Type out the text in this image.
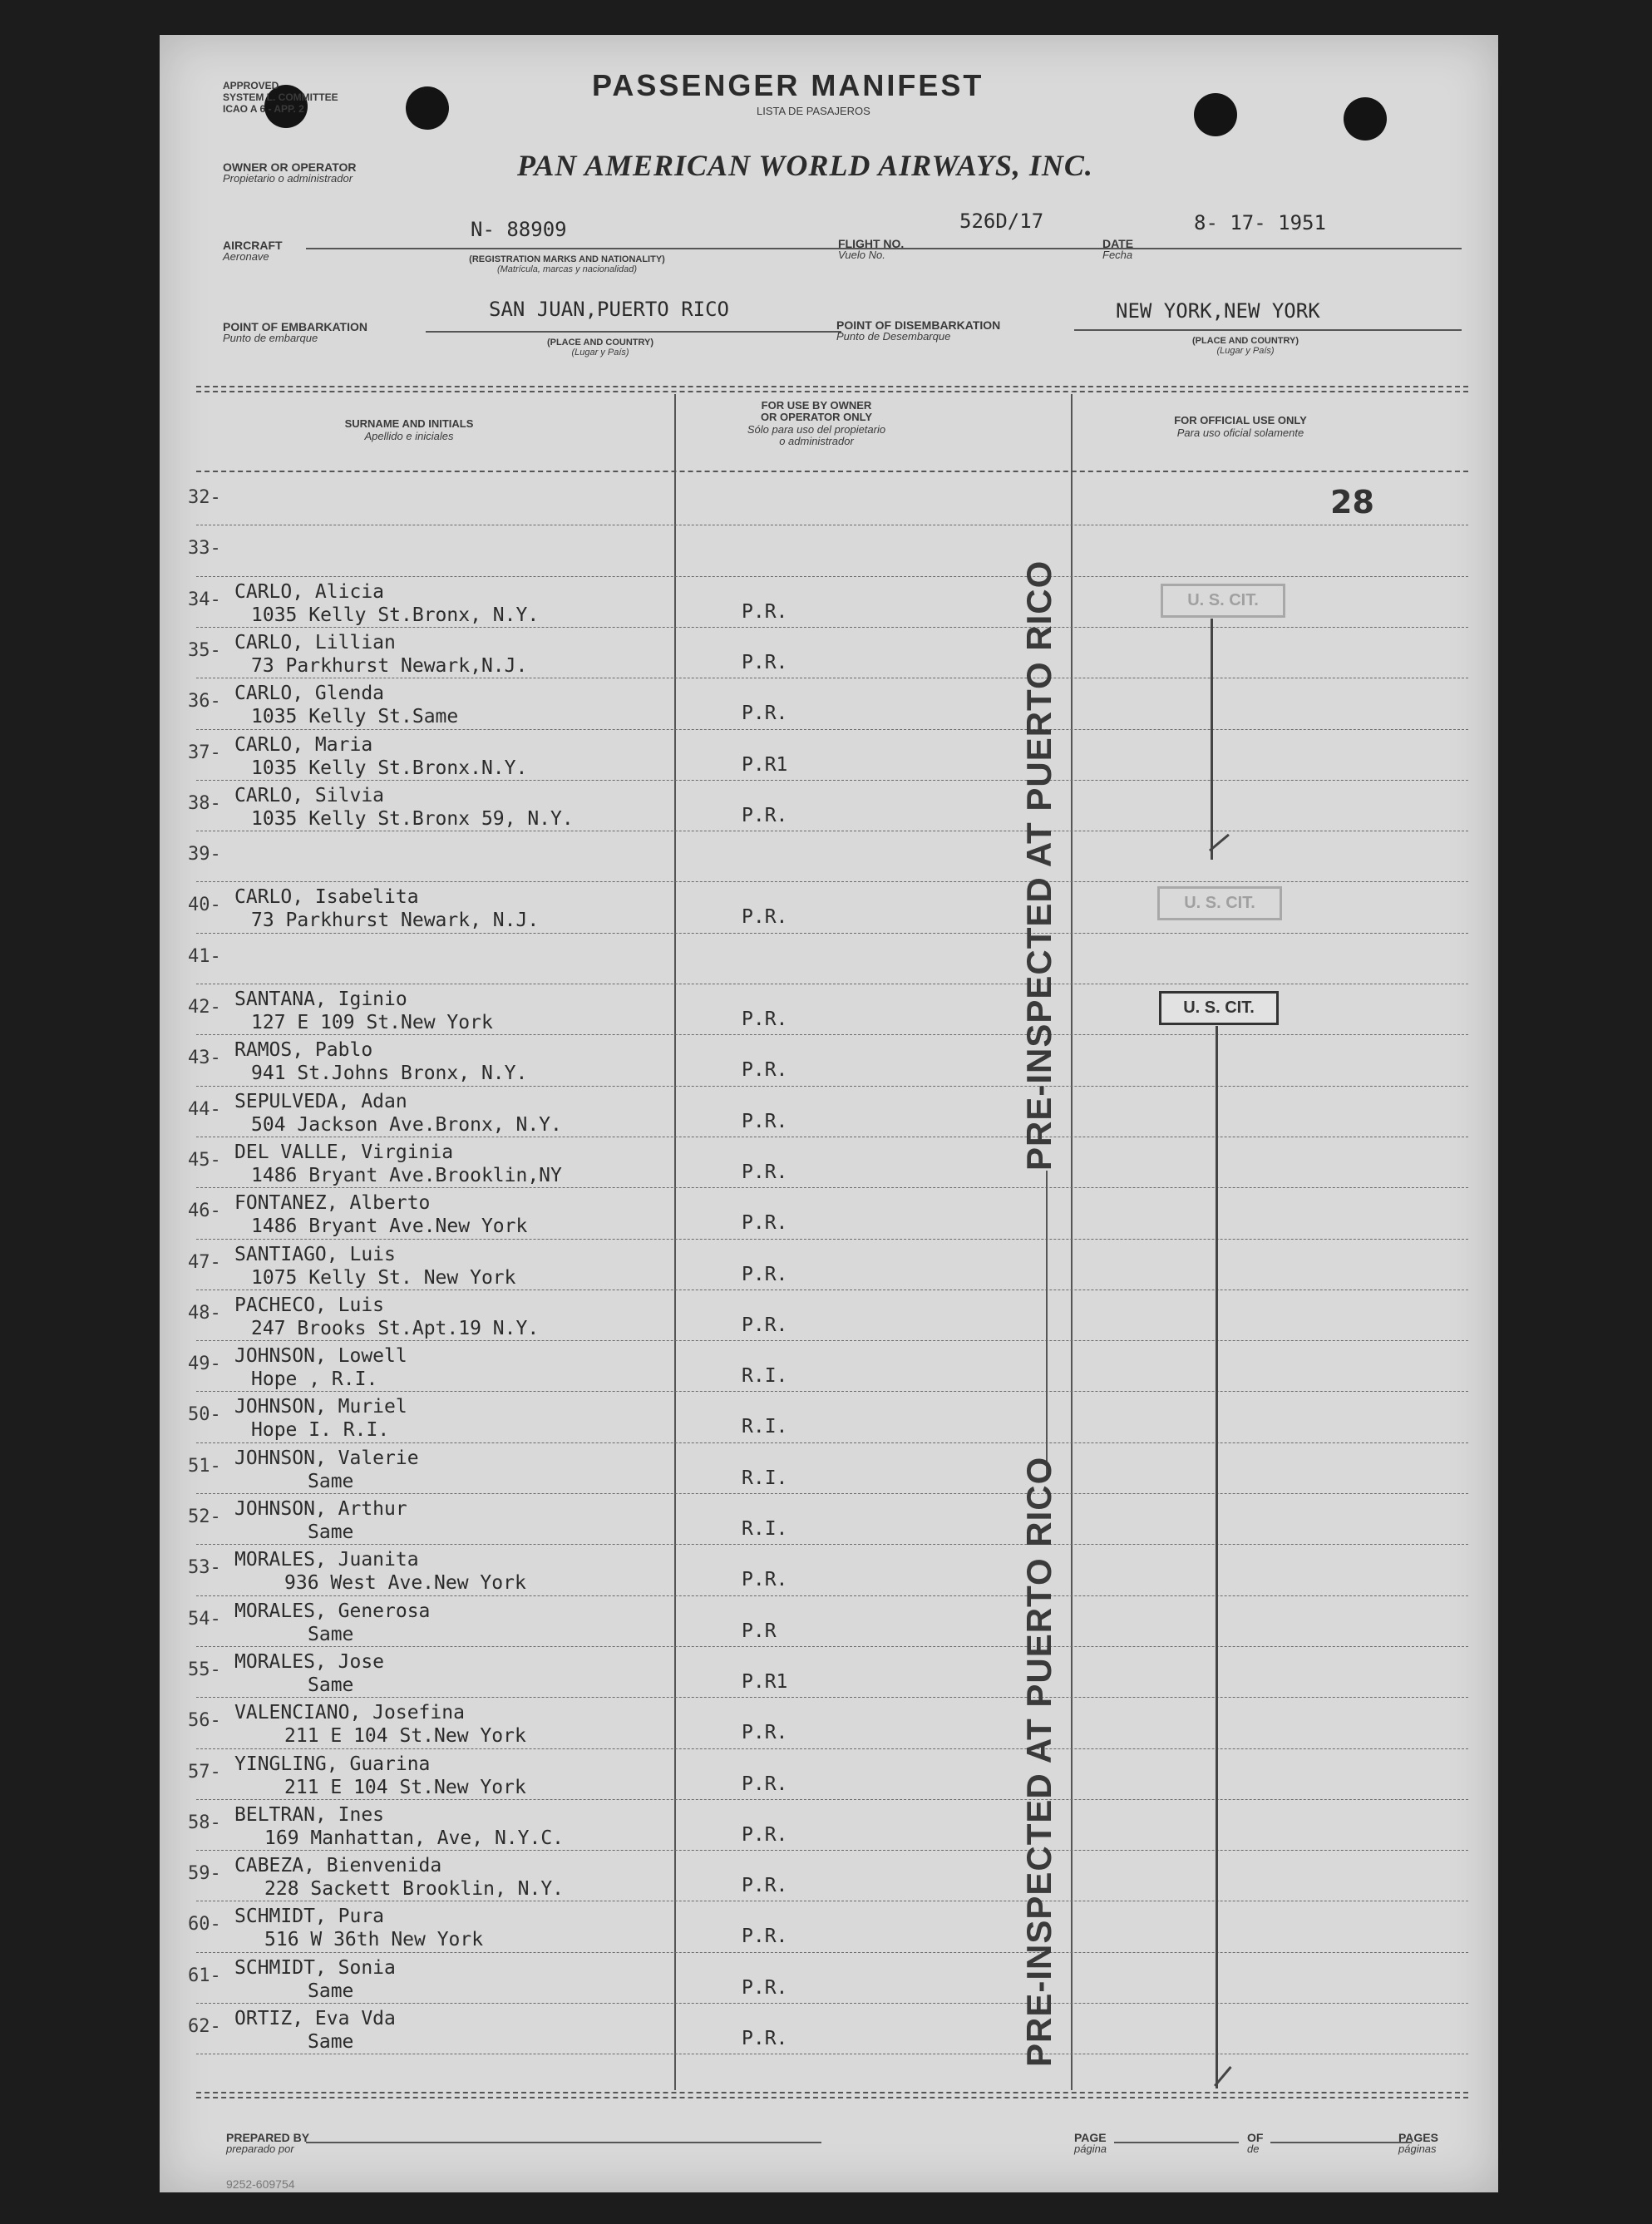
APPROVED
SYSTEM L. COMMITTEE
ICAO A 6 - APP. 2
PASSENGER MANIFEST
LISTA DE PASAJEROS
OWNER OR OPERATOR
Propietario o administrador	PAN AMERICAN WORLD AIRWAYS, INC.
AIRCRAFT
Aeronave
N- 88909
(REGISTRATION MARKS AND NATIONALITY)
(Matrícula, marcas y nacionalidad)
FLIGHT NO.
Vuelo No.
526D/17
DATE
Fecha
8- 17- 1951
POINT OF EMBARKATION
Punto de embarque
SAN JUAN,PUERTO RICO
(PLACE AND COUNTRY)
(Lugar y País)
POINT OF DISEMBARKATION
Punto de Desembarque
NEW YORK,NEW YORK
(PLACE AND COUNTRY)
(Lugar y País)
SURNAME AND INITIALS
Apellido e iniciales
FOR USE BY OWNER
OR OPERATOR ONLY
Sólo para uso del propietario
o administrador
FOR OFFICIAL USE ONLY
Para uso oficial solamente
28
32-
33-
34- CARLO, Alicia
1035 Kelly St.Bronx, N.Y.	P.R.
35- CARLO, Lillian
73 Parkhurst Newark,N.J.	P.R.
36- CARLO, Glenda
1035 Kelly St.Same	P.R.
37- CARLO, Maria
1035 Kelly St.Bronx.N.Y.	P.R1
38- CARLO, Silvia
1035 Kelly St.Bronx 59, N.Y.	P.R.
39-
40- CARLO, Isabelita
73 Parkhurst Newark, N.J.	P.R.
41-
42- SANTANA, Iginio
127 E 109 St.New York	P.R.
43- RAMOS, Pablo
941 St.Johns Bronx, N.Y.	P.R.
44- SEPULVEDA, Adan
504 Jackson Ave.Bronx, N.Y.	P.R.
45- DEL VALLE, Virginia
1486 Bryant Ave.Brooklin,NY	P.R.
46- FONTANEZ, Alberto
1486 Bryant Ave.New York	P.R.
47- SANTIAGO, Luis
1075 Kelly St. New York	P.R.
48- PACHECO, Luis
247 Brooks St.Apt.19 N.Y.	P.R.
49- JOHNSON, Lowell
Hope , R.I.	R.I.
50- JOHNSON, Muriel
Hope I. R.I.	R.I.
51- JOHNSON, Valerie
Same	R.I.
52- JOHNSON, Arthur
Same	R.I.
53- MORALES, Juanita
936 West Ave.New York	P.R.
54- MORALES, Generosa
Same	P.R
55- MORALES, Jose
Same	P.R1
56- VALENCIANO, Josefina
211 E 104 St.New York	P.R.
57- YINGLING, Guarina
211 E 104 St.New York	P.R.
58- BELTRAN, Ines
169 Manhattan, Ave, N.Y.C.	P.R.
59- CABEZA, Bienvenida
228 Sackett Brooklin, N.Y.	P.R.
60- SCHMIDT, Pura
516 W 36th New York	P.R.
61- SCHMIDT, Sonia
Same	P.R.
62- ORTIZ, Eva Vda
Same	P.R.
PRE-INSPECTED AT PUERTO RICO
PRE-INSPECTED AT PUERTO RICO
U. S. CIT.
U. S. CIT.
U. S. CIT.
PREPARED BY
preparado por
PAGE
página
OF
de
PAGES
páginas
9252-609754
